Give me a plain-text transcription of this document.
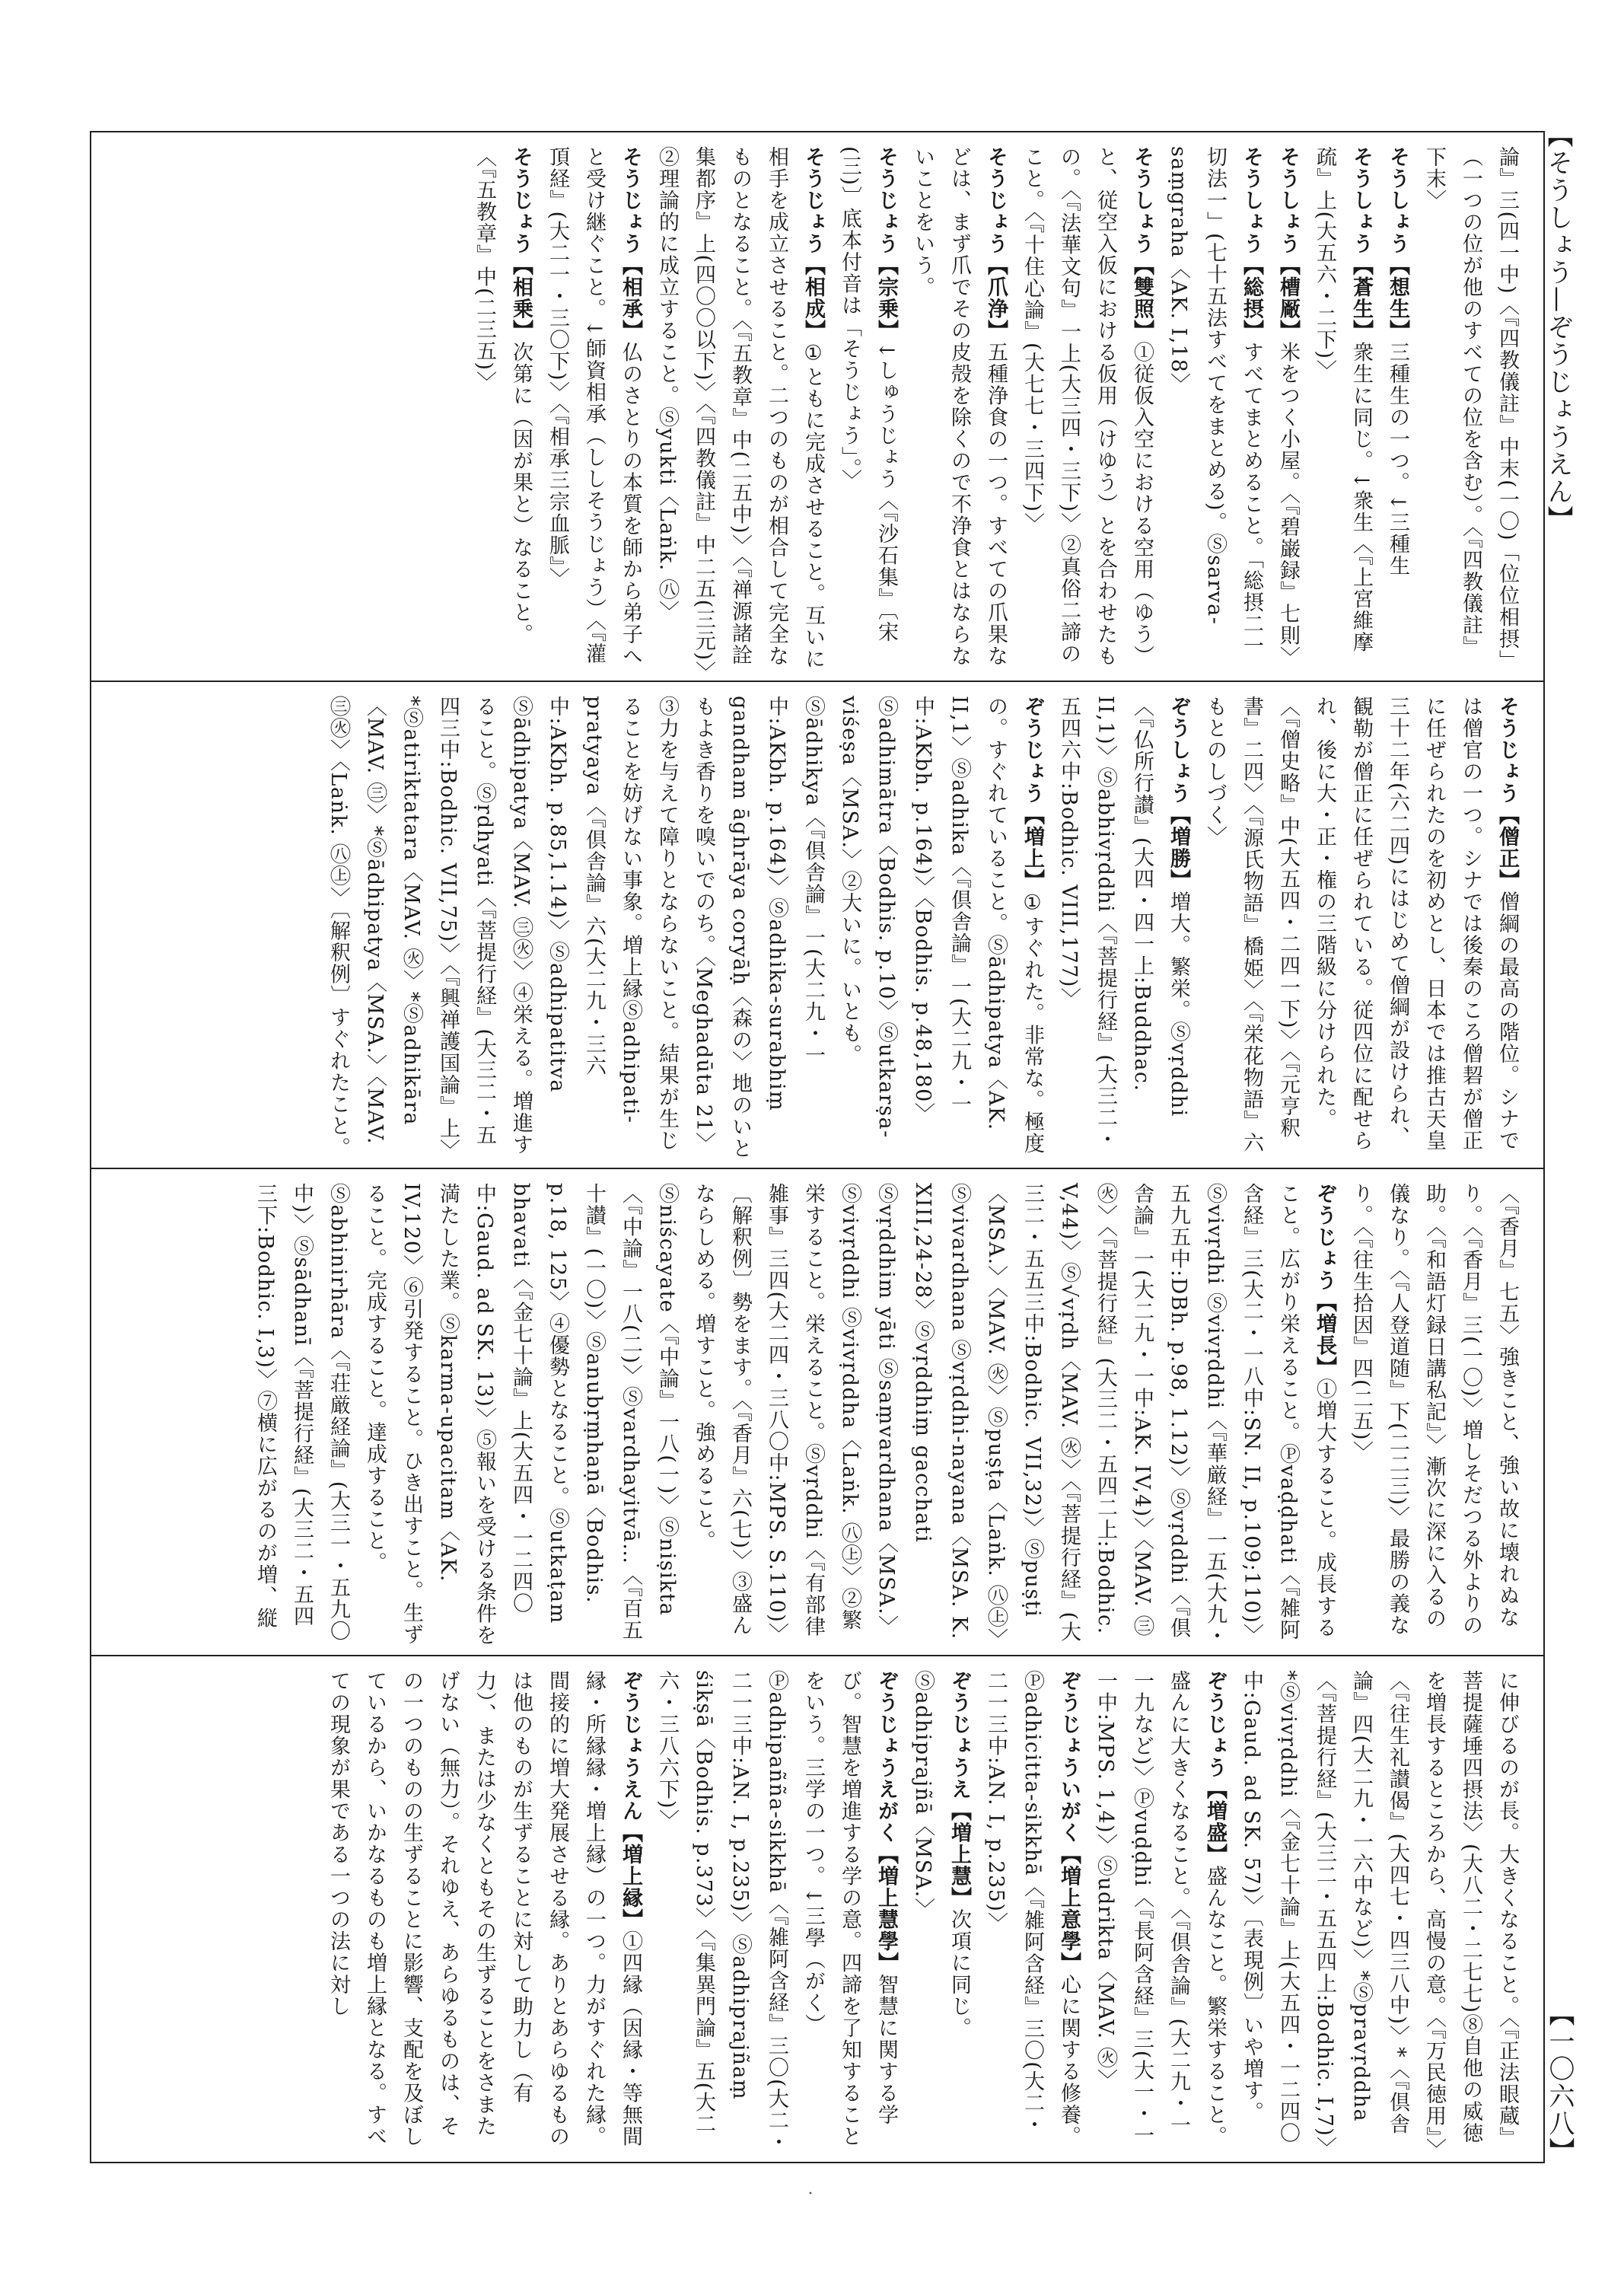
【そうしょう—ぞうじょうえん】

論』三(四一中)〈『四教儀註』中末(一〇)「位位相摂」（一つの位が他のすべての位を含む）。〈『四教儀註』下末〉

そうしょう【想生】三種生の一つ。↓三種生

そうしょう【蒼生】衆生に同じ。↓衆生〈『上宮維摩疏』上(大五六・二下)〉

そうしょう【槽厰】米をつく小屋。〈『碧巌録』七則〉

そうしょう【総摂】すべてまとめること。「総摂二一切法一」(七十五法すべてをまとめる)。Ⓢsarva-saṃgraha〈AK. I,18〉

そうしょう【雙照】①従仮入空における空用（ゆう）と、従空入仮における仮用（けゆう）とを合わせたもの。〈『法華文句』一上(大三四・三下)〉②真俗二諦のこと。〈『十住心論』(大七七・三四下)〉

そうじょう【爪浄】五種浄食の一つ。すべての爪果などは、まず爪でその皮殻を除くので不浄食とはならないことをいう。

そうじょう【宗乗】↓しゅうじょう〈『沙石集』〔宋(三)〕底本付音は「そうじょう」。〉

そうじょう【相成】①ともに完成させること。互いに相手を成立させること。二つのものが相合して完全なものとなること。〈『五教章』中(二五中)〉〈『禅源諸詮集都序』上(四〇〇以下)〉〈『四教儀註』中二五(三元)〉②理論的に成立すること。Ⓢyukti〈Laṅk. ㊇〉

そうじょう【相承】仏のさとりの本質を師から弟子へと受け継ぐこと。↓師資相承（ししそうじょう）〈『灌頂経』(大二一・三〇下)〉〈『相承三宗血脈』〉

そうじょう【相乗】次第に（因が果と）なること。〈『五教章』中(二三五)〉

そうじょう【僧正】僧綱の最高の階位。シナでは僧官の一つ。シナでは後秦のころ僧䂮が僧正に任ぜられたのを初めとし、日本では推古天皇三十二年(六二四)にはじめて僧綱が設けられ、観勒が僧正に任ぜられている。従四位に配せられ、後に大・正・権の三階級に分けられた。〈『僧史略』中(大五四・二四一下)〉〈『元亨釈書』二四〉〈『源氏物語』橋姫〉〈『栄花物語』六 もとのしづく〉

ぞうしょう【増勝】増大。繁栄。Ⓢvṛddhi〈『仏所行讃』(大四・四一上:Buddhac. II,1)〉Ⓢabhivṛddhi〈『菩提行経』(大三二・五四六中:Bodhic. VIII,177)〉

ぞうじょう【増上】①すぐれた。非常な。極度の。すぐれていること。Ⓢādhipatya〈AK. II,1〉Ⓢadhika〈『倶舎論』一(大二九・一中:AKbh. p.164)〉〈Bodhis. p.48,180〉Ⓢadhimātra〈Bodhis. p.10〉Ⓢutkarṣa-viśeṣa〈MSA.〉②大いに。いとも。Ⓢādhikya〈『倶舎論』一(大二九・一中:AKbh. p.164)〉Ⓢadhika-surabhiṃ gandham āghrāya coryāḥ〈森の〉地のいともよき香りを嗅いでのち。〈Meghadūta 21〉③力を与えて障りとならないこと。結果が生じることを妨げない事象。増上縁Ⓢadhipati-pratyaya〈『倶舎論』六(大二九・三六中:AKbh. p.85,1.14)〉Ⓢadhipatitva Ⓢādhipatya〈MAV. ㊂㊋〉④栄える。増進すること。Ⓢṛdhyati〈『菩提行経』(大三二・五四三中:Bodhic. VII,75)〉〈『興禅護国論』上〉*Ⓢatiriktatara〈MAV. ㊋〉*Ⓢadhikāra〈MAV. ㊂〉*Ⓢādhipatya〈MSA.〉〈MAV. ㊂㊋〉〈Laṅk. ㊇㊤〉〔解釈例〕すぐれたこと。

〈『香月』七五〉強きこと、強い故に壊れぬなり。〈『香月』三(一〇)〉増しそだつる外よりの助。〈『和語灯録日講私記』〉漸次に深に入るの儀なり。〈『人登道随』下(二二三)〉最勝の義なり。〈『往生拾因』四(二五)〉

ぞうじょう【増長】①増大すること。成長すること。広がり栄えること。Ⓟvaḍḍhati〈『雑阿含経』三(大二・一八中:SN. II, p.109;110)〉Ⓢvivṛdhi Ⓢvivṛddhi〈『華厳経』一五(大九・五九五中:DBh. p.98, 1.12)〉Ⓢvṛddhi〈『倶舎論』一(大二九・一中:AK. IV,4)〉〈MAV. ㊂㊋〉〈『菩提行経』(大三二・五四二上:Bodhic. V,44)〉Ⓢ√vṛdh〈MAV. ㊋〉〈『菩提行経』(大三二・五五三中:Bodhic. VII,32)〉Ⓢpuṣṭi〈MSA.〉〈MAV. ㊋〉Ⓢpuṣṭa〈Laṅk. ㊇㊤〉Ⓢvivardhana Ⓢvṛddhi-nayana〈MSA. K. XIII,24-28〉Ⓢvṛddhiṃ gacchati Ⓢvṛddhim yāti Ⓢsaṃvardhana〈MSA.〉Ⓢvivṛddhi Ⓢvivṛddha〈Laṅk. ㊇㊤〉②繁栄すること。栄えること。Ⓢvṛddhi〈『有部律雑事』三四(大二四・三八〇中:MPS. S.110)〉〔解釈例〕勢をます。〈『香月』六(七)〉③盛んならしめる。増すこと。強めること。Ⓢniścayate〈『中論』一八(一)〉Ⓢniṣikta〈『中論』一八(二)〉Ⓢvardhayitvā…〈『百五十讃』(一〇)〉Ⓢanubṛṃhaṇā〈Bodhis. p.18, 125〉④優勢となること。Ⓢutkaṭam bhavati〈『金七十論』上(大五四・一二四〇中:Gaud. ad SK. 13)〉⑤報いを受ける条件を満たした業。Ⓢkarma-upacitam〈AK. IV,120〉⑥引発すること。ひき出すこと。生ずること。完成すること。達成すること。Ⓢabhinirhāra〈『荘厳経論』(大三一・五九〇中)〉Ⓢsādhanī〈『菩提行経』(大三二・五四三下:Bodhic. I,3)〉⑦横に広がるのが増、縦

に伸びるのが長。大きくなること。〈『正法眼蔵』菩提薩埵四摂法〉(大八二・二七七)⑧自他の威徳を増長するところから、高慢の意。〈『万民徳用』〉〈『往生礼讃偈』(大四七・四三八中)〉*〈『倶舎論』四(大二九・一六中など)〉*Ⓢpravṛddha〈『菩提行経』(大三二・五五四上:Bodhic. I,7)〉*Ⓢvivṛddhi〈『金七十論』上(大五四・一二四〇中:Gaud. ad SK. 57)〉〔表現例〕いや増す。

ぞうじょう【増盛】盛んなこと。繁栄すること。盛んに大きくなること。〈『倶舎論』(大二九・一一九など)〉Ⓟvuḍḍhi〈『長阿含経』三(大一・一一中:MPS. 1,4)〉Ⓢudrikta〈MAV. ㊋〉

ぞうじょういがく【増上意學】心に関する修養。Ⓟadhicitta-sikkhā〈『雑阿含経』三〇(大二・二一三中:AN. I, p.235)〉

ぞうじょうえ【増上慧】次項に同じ。Ⓢadhiprajñā〈MSA.〉

ぞうじょうえがく【増上慧學】智慧に関する学び。智慧を増進する学の意。四諦を了知することをいう。三学の一つ。↓三學（がく）Ⓟadhipañña-sikkhā〈『雑阿含経』三〇(大二・二一三中:AN. I, p.235)〉Ⓢadhiprajñaṃ śikṣā〈Bodhis. p.373〉〈『集異門論』五(大二六・三八六下)〉

ぞうじょうえん【増上縁】①四縁（因縁・等無間縁・所縁縁・増上縁）の一つ。力がすぐれた縁。間接的に増大発展させる縁。ありとあらゆるものは他のものが生ずることに対して助力し（有力）、または少なくともその生ずることをさまたげない（無力）。それゆえ、あらゆるものは、その一つのものの生ずることに影響、支配を及ぼしているから、いかなるものも増上縁となる。すべての現象が果である一つの法に対し

【一〇六八】
·
